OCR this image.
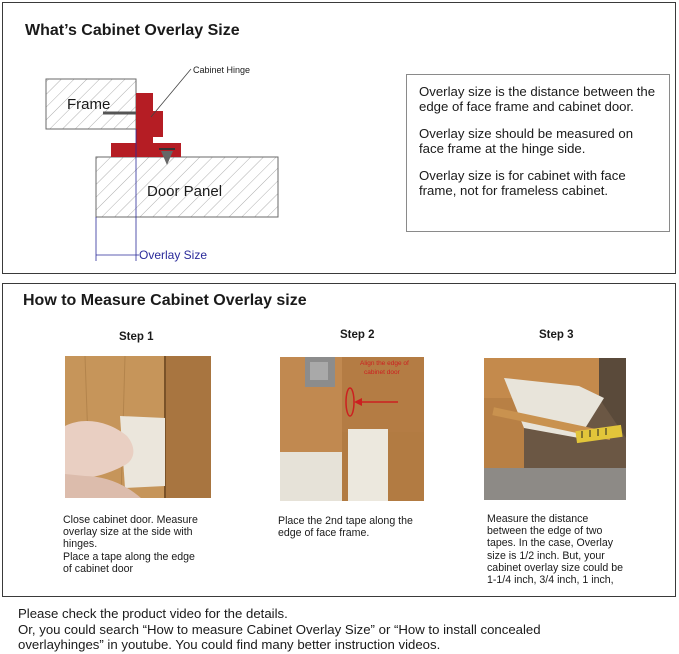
What’s Cabinet Overlay Size
Frame
Door Panel
Cabinet Hinge
Overlay Size

Overlay size is the distance between the edge of face frame and cabinet door.

Overlay size should be measured on face frame at the hinge side.

Overlay size is for cabinet with face frame, not for frameless cabinet.

How to Measure Cabinet Overlay size
Step 1
Close cabinet door. Measure
overlay size at the side with
hinges.
Place a tape along the edge
of cabinet door
Step 2
Align the edge of
cabinet door
Place the 2nd tape along the
edge of face frame.
Step 3
Measure the distance
between the edge of two
tapes. In the case, Overlay
size is 1/2 inch. But, your
cabinet overlay size could be
1-1/4 inch, 3/4 inch, 1 inch,
Please check the product video for the details.
Or, you could search “How to measure Cabinet Overlay Size” or “How to install concealed
overlayhinges” in youtube. You could find many better instruction videos.
